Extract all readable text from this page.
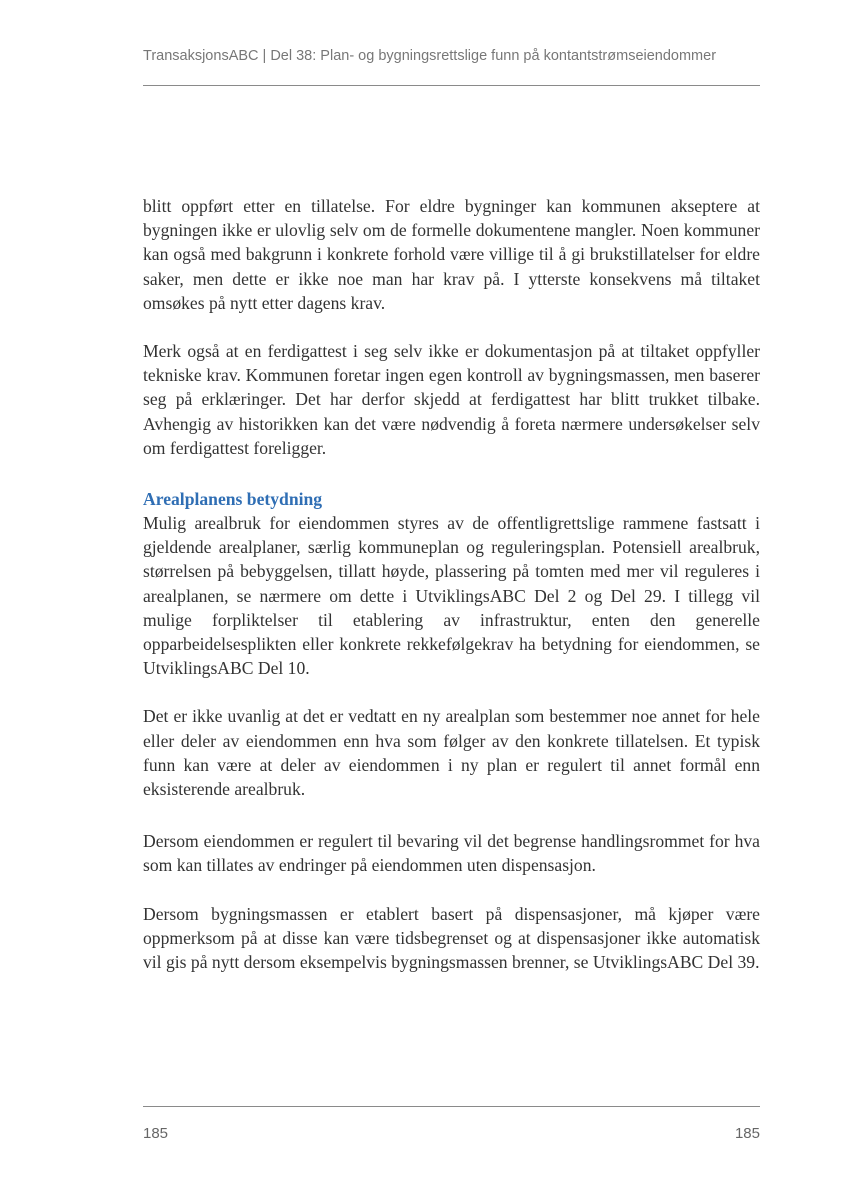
TransaksjonsABC | Del 38: Plan- og bygningsrettslige funn på kontantstrømseiendommer

blitt oppført etter en tillatelse. For eldre bygninger kan kommunen akseptere at bygningen ikke er ulovlig selv om de formelle dokumentene mangler. Noen kommuner kan også med bakgrunn i konkrete forhold være villige til å gi brukstillatelser for eldre saker, men dette er ikke noe man har krav på. I ytterste konsekvens må tiltaket omsøkes på nytt etter dagens krav.

Merk også at en ferdigattest i seg selv ikke er dokumentasjon på at tiltaket oppfyller tekniske krav. Kommunen foretar ingen egen kontroll av bygningsmassen, men baserer seg på erklæringer. Det har derfor skjedd at ferdigattest har blitt trukket tilbake. Avhengig av historikken kan det være nødvendig å foreta nærmere undersøkelser selv om ferdigattest foreligger.

Arealplanens betydning

Mulig arealbruk for eiendommen styres av de offentligrettslige rammene fastsatt i gjeldende arealplaner, særlig kommuneplan og reguleringsplan. Potensiell arealbruk, størrelsen på bebyggelsen, tillatt høyde, plassering på tomten med mer vil reguleres i arealplanen, se nærmere om dette i UtviklingsABC Del 2 og Del 29. I tillegg vil mulige forpliktelser til etablering av infrastruktur, enten den generelle opparbeidelsesplikten eller konkrete rekkefølgekrav ha betydning for eiendommen, se UtviklingsABC Del 10.

Det er ikke uvanlig at det er vedtatt en ny arealplan som bestemmer noe annet for hele eller deler av eiendommen enn hva som følger av den konkrete tillatelsen. Et typisk funn kan være at deler av eiendommen i ny plan er regulert til annet formål enn eksisterende arealbruk.

Dersom eiendommen er regulert til bevaring vil det begrense handlingsrommet for hva som kan tillates av endringer på eiendommen uten dispensasjon.

Dersom bygningsmassen er etablert basert på dispensasjoner, må kjøper være oppmerksom på at disse kan være tidsbegrenset og at dispensasjoner ikke automatisk vil gis på nytt dersom eksempelvis bygningsmassen brenner, se UtviklingsABC Del 39.

185	185
